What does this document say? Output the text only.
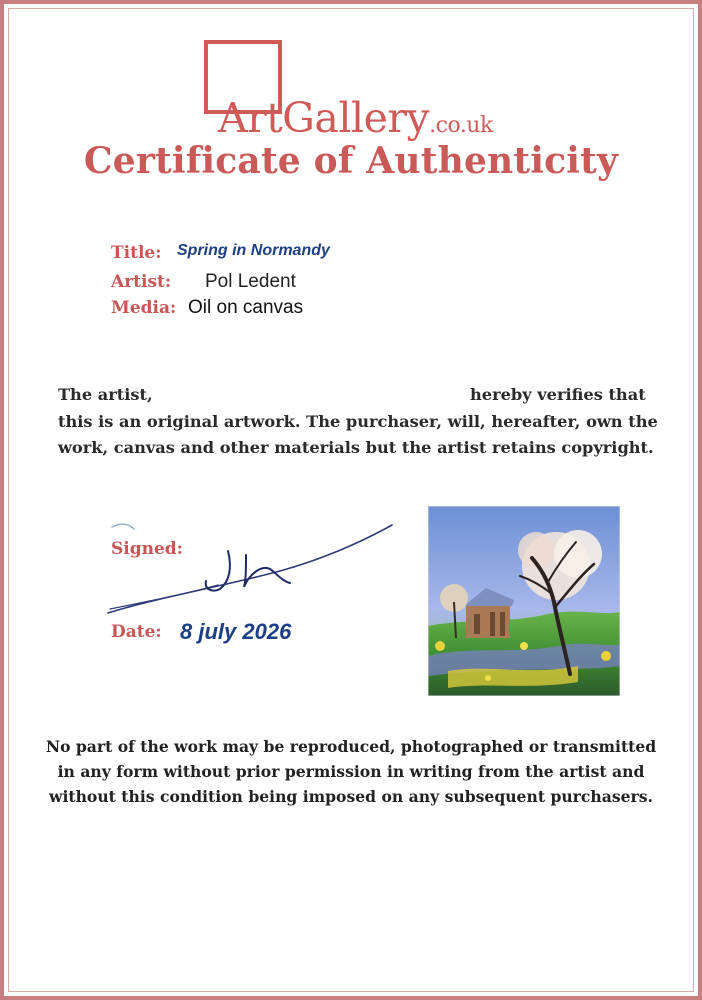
ArtGallery.co.uk
Certificate of Authenticity
Title: Spring in Normandy
Artist: Pol Ledent
Media: Oil on canvas
The artist,	hereby verifies that
this is an original artwork. The purchaser, will, hereafter, own the
work, canvas and other materials but the artist retains copyright.
Signed:
Date: 8 july 2026
No part of the work may be reproduced, photographed or transmitted
in any form without prior permission in writing from the artist and
without this condition being imposed on any subsequent purchasers.
